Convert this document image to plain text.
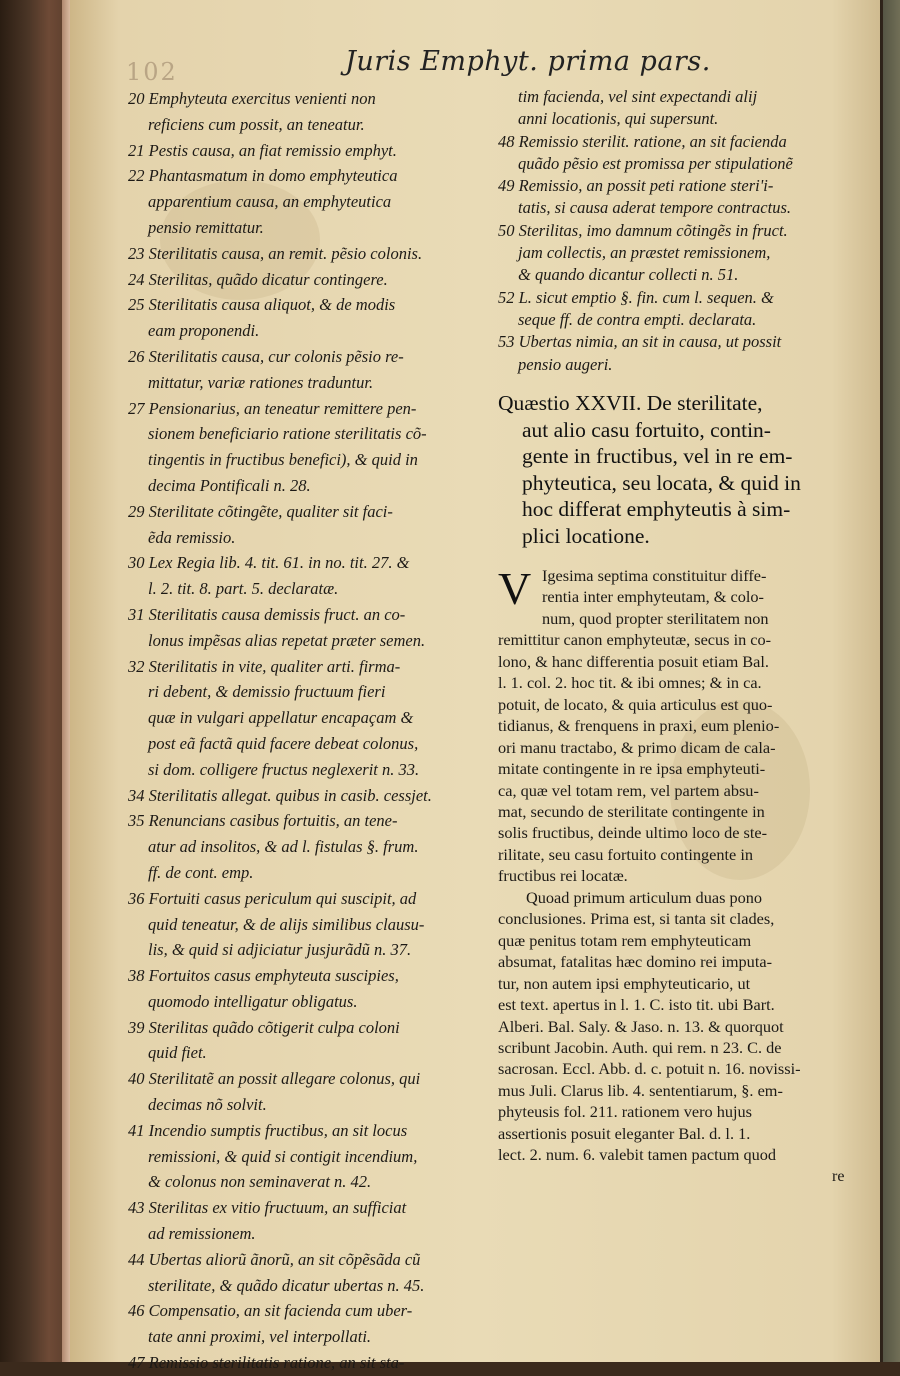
102	Juris Emphyt. prima pars.
20 Emphyteuta exercitus venienti non
reficiens cum possit, an teneatur.
21 Pestis causa, an fiat remissio emphyt.
22 Phantasmatum in domo emphyteutica
apparentium causa, an emphyteutica
pensio remittatur.
23 Sterilitatis causa, an remit. pẽsio colonis.
24 Sterilitas, quãdo dicatur contingere.
25 Sterilitatis causa aliquot, & de modis
eam proponendi.
26 Sterilitatis causa, cur colonis pẽsio re-
mittatur, variæ rationes traduntur.
27 Pensionarius, an teneatur remittere pen-
sionem beneficiario ratione sterilitatis cõ-
tingentis in fructibus benefici), & quid in
decima Pontificali n. 28.
29 Sterilitate cõtingẽte, qualiter sit faci-
ẽda remissio.
30 Lex Regia lib. 4. tit. 61. in no. tit. 27. &
l. 2. tit. 8. part. 5. declaratæ.
31 Sterilitatis causa demissis fruct. an co-
lonus impẽsas alias repetat præter semen.
32 Sterilitatis in vite, qualiter arti. firma-
ri debent, & demissio fructuum fieri
quæ in vulgari appellatur encapaçam &
post eã factã quid facere debeat colonus,
si dom. colligere fructus neglexerit n. 33.
34 Sterilitatis allegat. quibus in casib. cessjet.
35 Renuncians casibus fortuitis, an tene-
atur ad insolitos, & ad l. fistulas §. frum.
ff. de cont. emp.
36 Fortuiti casus periculum qui suscipit, ad
quid teneatur, & de alijs similibus clausu-
lis, & quid si adjiciatur jusjurãdũ n. 37.
38 Fortuitos casus emphyteuta suscipies,
quomodo intelligatur obligatus.
39 Sterilitas quãdo cõtigerit culpa coloni
quid fiet.
40 Sterilitatẽ an possit allegare colonus, qui
decimas nõ solvit.
41 Incendio sumptis fructibus, an sit locus
remissioni, & quid si contigit incendium,
& colonus non seminaverat n. 42.
43 Sterilitas ex vitio fructuum, an sufficiat
ad remissionem.
44 Ubertas aliorũ ãnorũ, an sit cõpẽsãda cũ
sterilitate, & quãdo dicatur ubertas n. 45.
46 Compensatio, an sit facienda cum uber-
tate anni proximi, vel interpollati.
47 Remissio sterilitatis ratione, an sit sta-
tim facienda, vel sint expectandi alij
anni locationis, qui supersunt.
48 Remissio sterilit. ratione, an sit facienda
quãdo pẽsio est promissa per stipulationẽ
49 Remissio, an possit peti ratione steri'i-
tatis, si causa aderat tempore contractus.
50 Sterilitas, imo damnum cõtingẽs in fruct.
jam collectis, an præstet remissionem,
& quando dicantur collecti n. 51.
52 L. sicut emptio §. fin. cum l. sequen. &
seque ff. de contra empti. declarata.
53 Ubertas nimia, an sit in causa, ut possit
pensio augeri.
Quæstio XXVII. De sterilitate,
aut alio casu fortuito, contin-
gente in fructibus, vel in re em-
phyteutica, seu locata, & quid in
hoc differat emphyteutis à sim-
plici locatione.
V Igesima septima constituitur diffe-
rentia inter emphyteutam, & colo-
num, quod propter sterilitatem non
remittitur canon emphyteutæ, secus in co-
lono, & hanc differentia posuit etiam Bal.
l. 1. col. 2. hoc tit. & ibi omnes; & in ca.
potuit, de locato, & quia articulus est quo-
tidianus, & frenquens in praxi, eum plenio-
ori manu tractabo, & primo dicam de cala-
mitate contingente in re ipsa emphyteuti-
ca, quæ vel totam rem, vel partem absu-
mat, secundo de sterilitate contingente in
solis fructibus, deinde ultimo loco de ste-
rilitate, seu casu fortuito contingente in
fructibus rei locatæ.
Quoad primum articulum duas pono
conclusiones. Prima est, si tanta sit clades,
quæ penitus totam rem emphyteuticam
absumat, fatalitas hæc domino rei imputa-
tur, non autem ipsi emphyteuticario, ut
est text. apertus in l. 1. C. isto tit. ubi Bart.
Alberi. Bal. Saly. & Jaso. n. 13. & quorquot
scribunt Jacobin. Auth. qui rem. n 23. C. de
sacrosan. Eccl. Abb. d. c. potuit n. 16. novissi-
mus Juli. Clarus lib. 4. sententiarum, §. em-
phyteusis fol. 211. rationem vero hujus
assertionis posuit eleganter Bal. d. l. 1.
lect. 2. num. 6. valebit tamen pactum quod
re
